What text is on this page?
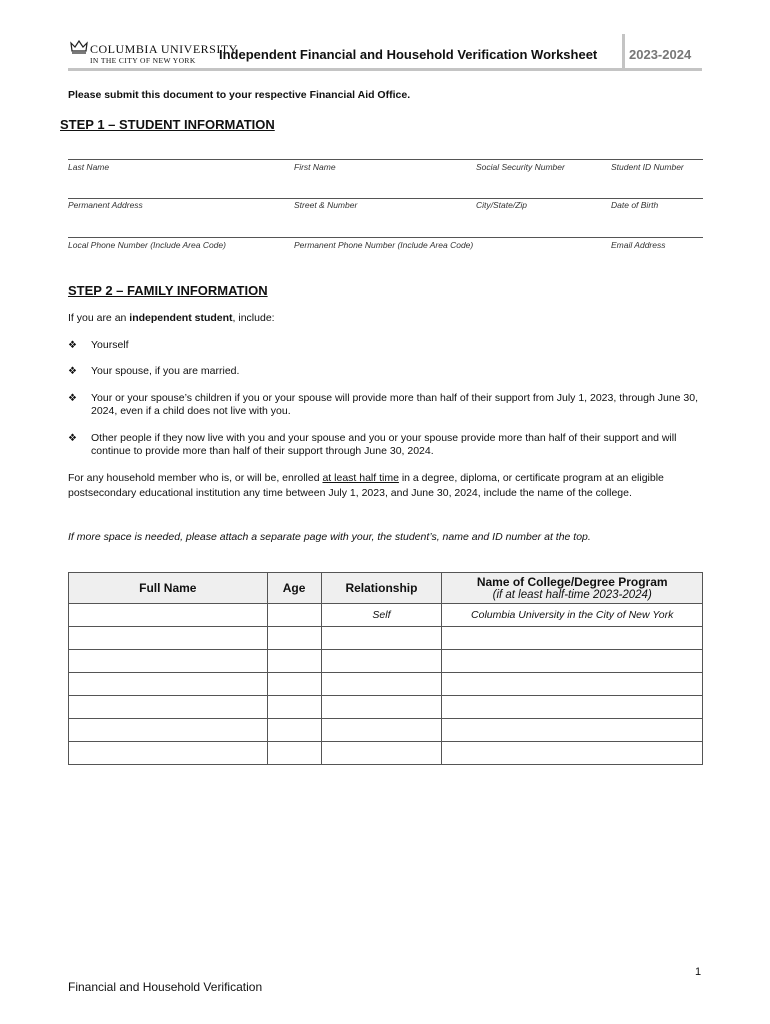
COLUMBIA UNIVERSITY
IN THE CITY OF NEW YORK Independent Financial and Household Verification Worksheet 2023-2024
Please submit this document to your respective Financial Aid Office.
STEP 1 – STUDENT INFORMATION
Last Name	First Name	Social Security Number	Student ID Number
Permanent Address	Street & Number	City/State/Zip	Date of Birth
Local Phone Number (Include Area Code)	Permanent Phone Number (Include Area Code)	Email Address
STEP 2 – FAMILY INFORMATION
If you are an independent student, include:
❖ Yourself
❖ Your spouse, if you are married.
❖ Your or your spouse’s children if you or your spouse will provide more than half of their support from July 1, 2023, through June 30, 2024, even if a child does not live with you.
❖ Other people if they now live with you and your spouse and you or your spouse provide more than half of their support and will continue to provide more than half of their support through June 30, 2024.
For any household member who is, or will be, enrolled at least half time in a degree, diploma, or certificate program at an eligible postsecondary educational institution any time between July 1, 2023, and June 30, 2024, include the name of the college.
If more space is needed, please attach a separate page with your, the student’s, name and ID number at the top.
Full Name	Age	Relationship	Name of College/Degree Program
(if at least half-time 2023-2024)

		Self	Columbia University in the City of New York

1
Financial and Household Verification
